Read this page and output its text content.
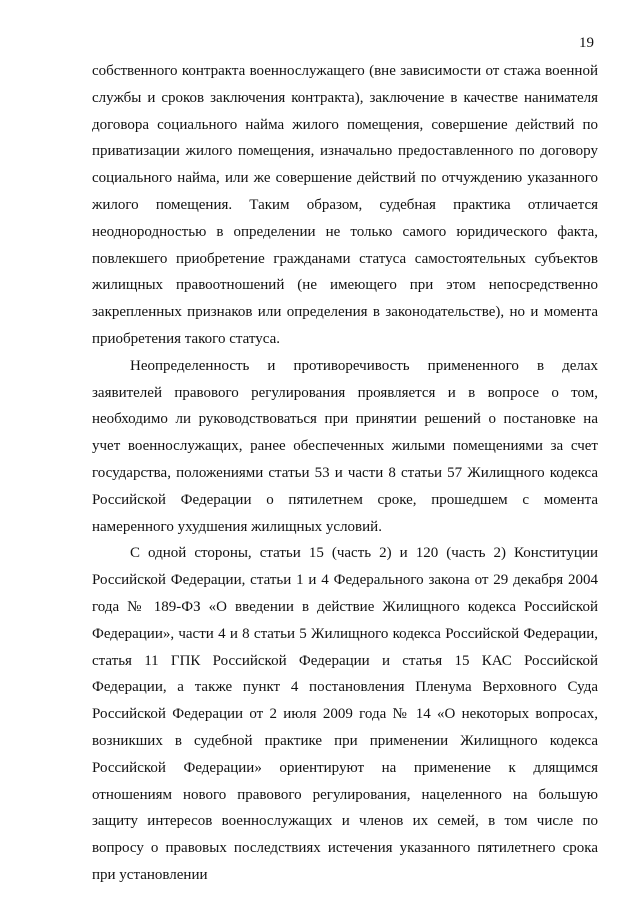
19

собственного контракта военнослужащего (вне зависимости от стажа военной службы и сроков заключения контракта), заключение в качестве нанимателя договора социального найма жилого помещения, совершение действий по приватизации жилого помещения, изначально предоставленного по договору социального найма, или же совершение действий по отчуждению указанного жилого помещения. Таким образом, судебная практика отличается неоднородностью в определении не только самого юридического факта, повлекшего приобретение гражданами статуса самостоятельных субъектов жилищных правоотношений (не имеющего при этом непосредственно закрепленных признаков или определения в законодательстве), но и момента приобретения такого статуса.

Неопределенность и противоречивость примененного в делах заявителей правового регулирования проявляется и в вопросе о том, необходимо ли руководствоваться при принятии решений о постановке на учет военнослужащих, ранее обеспеченных жилыми помещениями за счет государства, положениями статьи 53 и части 8 статьи 57 Жилищного кодекса Российской Федерации о пятилетнем сроке, прошедшем с момента намеренного ухудшения жилищных условий.

С одной стороны, статьи 15 (часть 2) и 120 (часть 2) Конституции Российской Федерации, статьи 1 и 4 Федерального закона от 29 декабря 2004 года № 189-ФЗ «О введении в действие Жилищного кодекса Российской Федерации», части 4 и 8 статьи 5 Жилищного кодекса Российской Федерации, статья 11 ГПК Российской Федерации и статья 15 КАС Российской Федерации, а также пункт 4 постановления Пленума Верховного Суда Российской Федерации от 2 июля 2009 года № 14 «О некоторых вопросах, возникших в судебной практике при применении Жилищного кодекса Российской Федерации» ориентируют на применение к длящимся отношениям нового правового регулирования, нацеленного на большую защиту интересов военнослужащих и членов их семей, в том числе по вопросу о правовых последствиях истечения указанного пятилетнего срока при установлении
